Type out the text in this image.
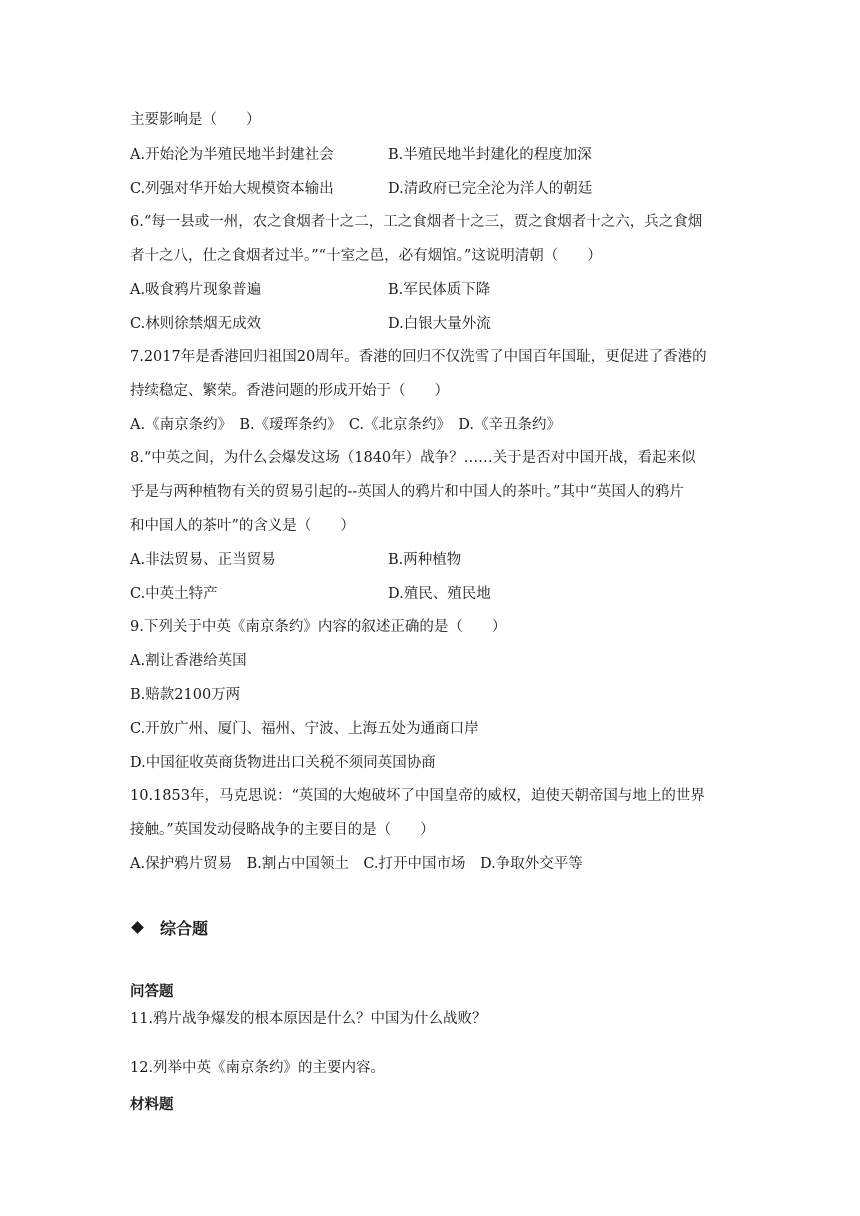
主要影响是（　　）
A.开始沦为半殖民地半封建社会	B.半殖民地半封建化的程度加深
C.列强对华开始大规模资本输出	D.清政府已完全沦为洋人的朝廷
6.“每一县或一州，农之食烟者十之二，工之食烟者十之三，贾之食烟者十之六，兵之食烟
者十之八，仕之食烟者过半。”“十室之邑，必有烟馆。”这说明清朝（　　）
A.吸食鸦片现象普遍	B.军民体质下降
C.林则徐禁烟无成效	D.白银大量外流
7.2017年是香港回归祖国20周年。香港的回归不仅洗雪了中国百年国耻，更促进了香港的
持续稳定、繁荣。香港问题的形成开始于（　　）
A.《南京条约》　B.《瑷珲条约》　C.《北京条约》　D.《辛丑条约》
8.“中英之间，为什么会爆发这场（1840年）战争？……关于是否对中国开战，看起来似
乎是与两种植物有关的贸易引起的--英国人的鸦片和中国人的茶叶。”其中“英国人的鸦片
和中国人的茶叶”的含义是（　　）
A.非法贸易、正当贸易	B.两种植物
C.中英土特产	D.殖民、殖民地
9.下列关于中英《南京条约》内容的叙述正确的是（　　）
A.割让香港给英国
B.赔款2100万两
C.开放广州、厦门、福州、宁波、上海五处为通商口岸
D.中国征收英商货物进出口关税不须同英国协商
10.1853年，马克思说：“英国的大炮破坏了中国皇帝的威权，迫使天朝帝国与地上的世界
接触。”英国发动侵略战争的主要目的是（　　）
A.保护鸦片贸易　B.割占中国领土　C.打开中国市场　D.争取外交平等
综合题
问答题
11.鸦片战争爆发的根本原因是什么？中国为什么战败？
12.列举中英《南京条约》的主要内容。
材料题
